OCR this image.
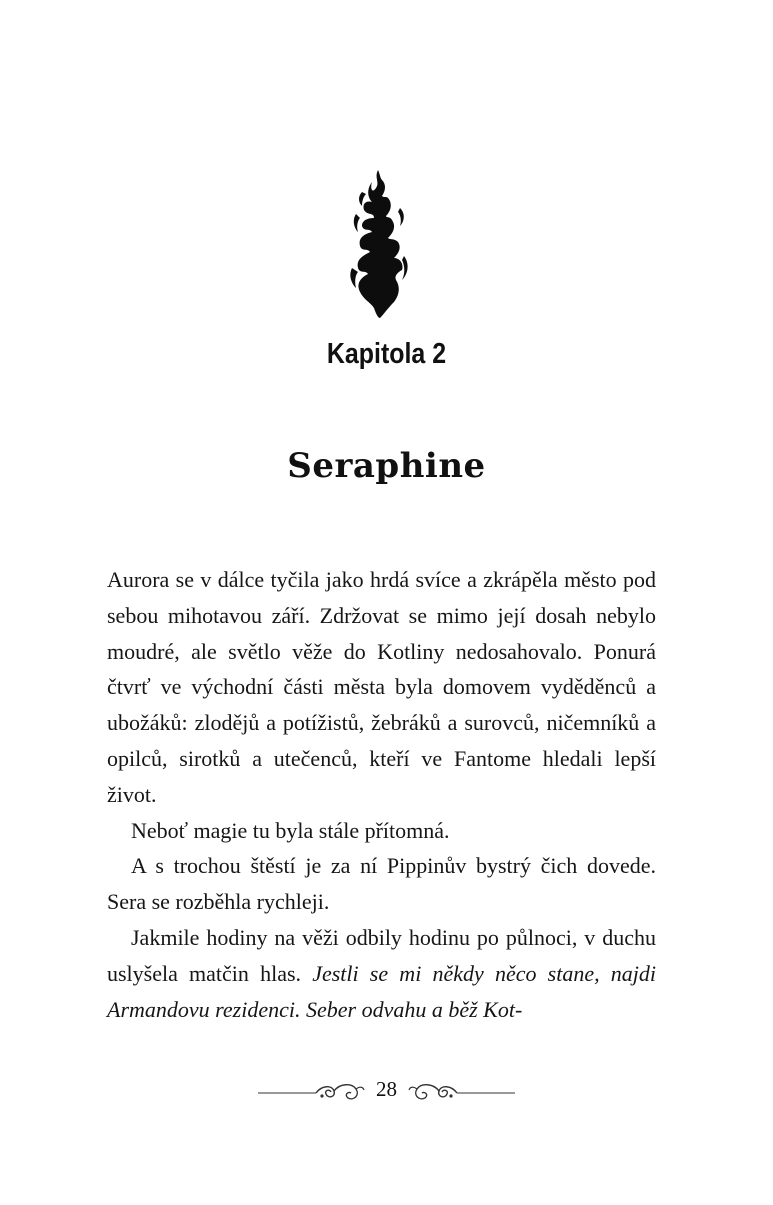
Kapitola 2
Seraphine

Aurora se v dálce tyčila jako hrdá svíce a zkrápěla město pod sebou mihotavou září. Zdržovat se mimo její dosah nebylo moudré, ale světlo věže do Kotliny nedosahovalo. Ponurá čtvrť ve východní části města byla domovem vyděděnců a ubožáků: zlodějů a potížistů, žebráků a surovců, ničemníků a opilců, sirotků a utečenců, kteří ve Fantome hledali lepší život.

Neboť magie tu byla stále přítomná.

A s trochou štěstí je za ní Pippinův bystrý čich dovede. Sera se rozběhla rychleji.

Jakmile hodiny na věži odbily hodinu po půlnoci, v duchu uslyšela matčin hlas. Jestli se mi někdy něco stane, najdi Armandovu rezidenci. Seber odvahu a běž Kot-

28
